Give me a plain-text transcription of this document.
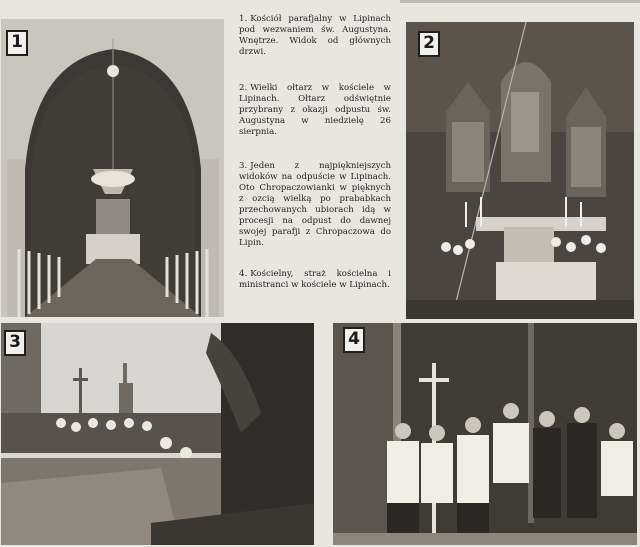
1

1. Kościół parafjalny w Lipinach pod wezwaniem św. Augustyna. Wnętrze. Widok od głównych drzwi.

2. Wielki ołtarz w kościele w Lipinach. Ołtarz odświętnie przybrany z okazji odpustu św. Augustyna w niedzielę 26 sierpnia.

3. Jeden z najpiękniejszych widoków na odpuście w Lipinach. Oto Chropaczowianki w pięknych z ozcią wielką po prababkach przechowanych ubiorach idą w procesji na odpust do dawnej swojej parafji z Chropaczowa do Lipin.

4. Kościelny, straż kościelna i ministranci w kościele w Lipinach.

2
3	4
